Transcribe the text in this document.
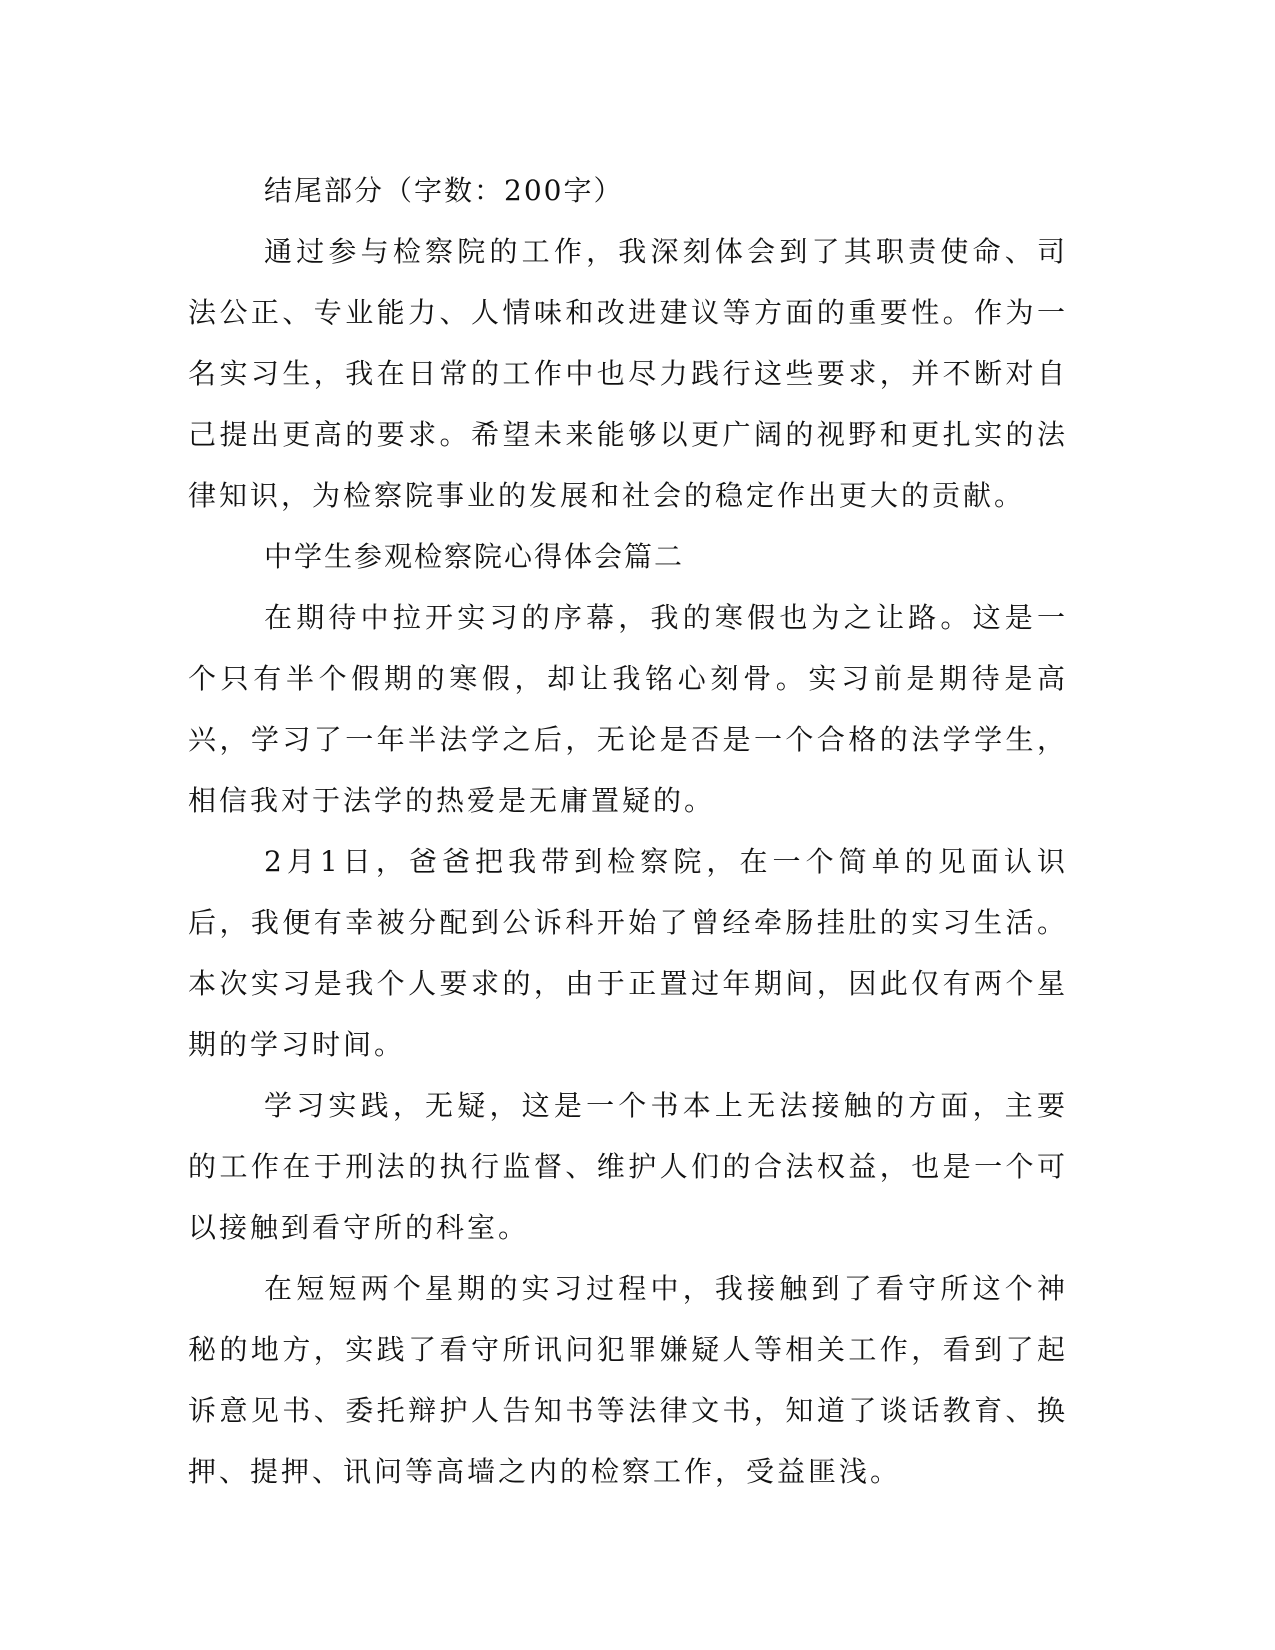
结尾部分（字数：200字）

通过参与检察院的工作，我深刻体会到了其职责使命、司法公正、专业能力、人情味和改进建议等方面的重要性。作为一名实习生，我在日常的工作中也尽力践行这些要求，并不断对自己提出更高的要求。希望未来能够以更广阔的视野和更扎实的法律知识，为检察院事业的发展和社会的稳定作出更大的贡献。

中学生参观检察院心得体会篇二

在期待中拉开实习的序幕，我的寒假也为之让路。这是一个只有半个假期的寒假，却让我铭心刻骨。实习前是期待是高兴，学习了一年半法学之后，无论是否是一个合格的法学学生，相信我对于法学的热爱是无庸置疑的。

2月1日，爸爸把我带到检察院，在一个简单的见面认识后，我便有幸被分配到公诉科开始了曾经牵肠挂肚的实习生活。本次实习是我个人要求的，由于正置过年期间，因此仅有两个星期的学习时间。

学习实践，无疑，这是一个书本上无法接触的方面，主要的工作在于刑法的执行监督、维护人们的合法权益，也是一个可以接触到看守所的科室。

在短短两个星期的实习过程中，我接触到了看守所这个神秘的地方，实践了看守所讯问犯罪嫌疑人等相关工作，看到了起诉意见书、委托辩护人告知书等法律文书，知道了谈话教育、换押、提押、讯问等高墙之内的检察工作，受益匪浅。
